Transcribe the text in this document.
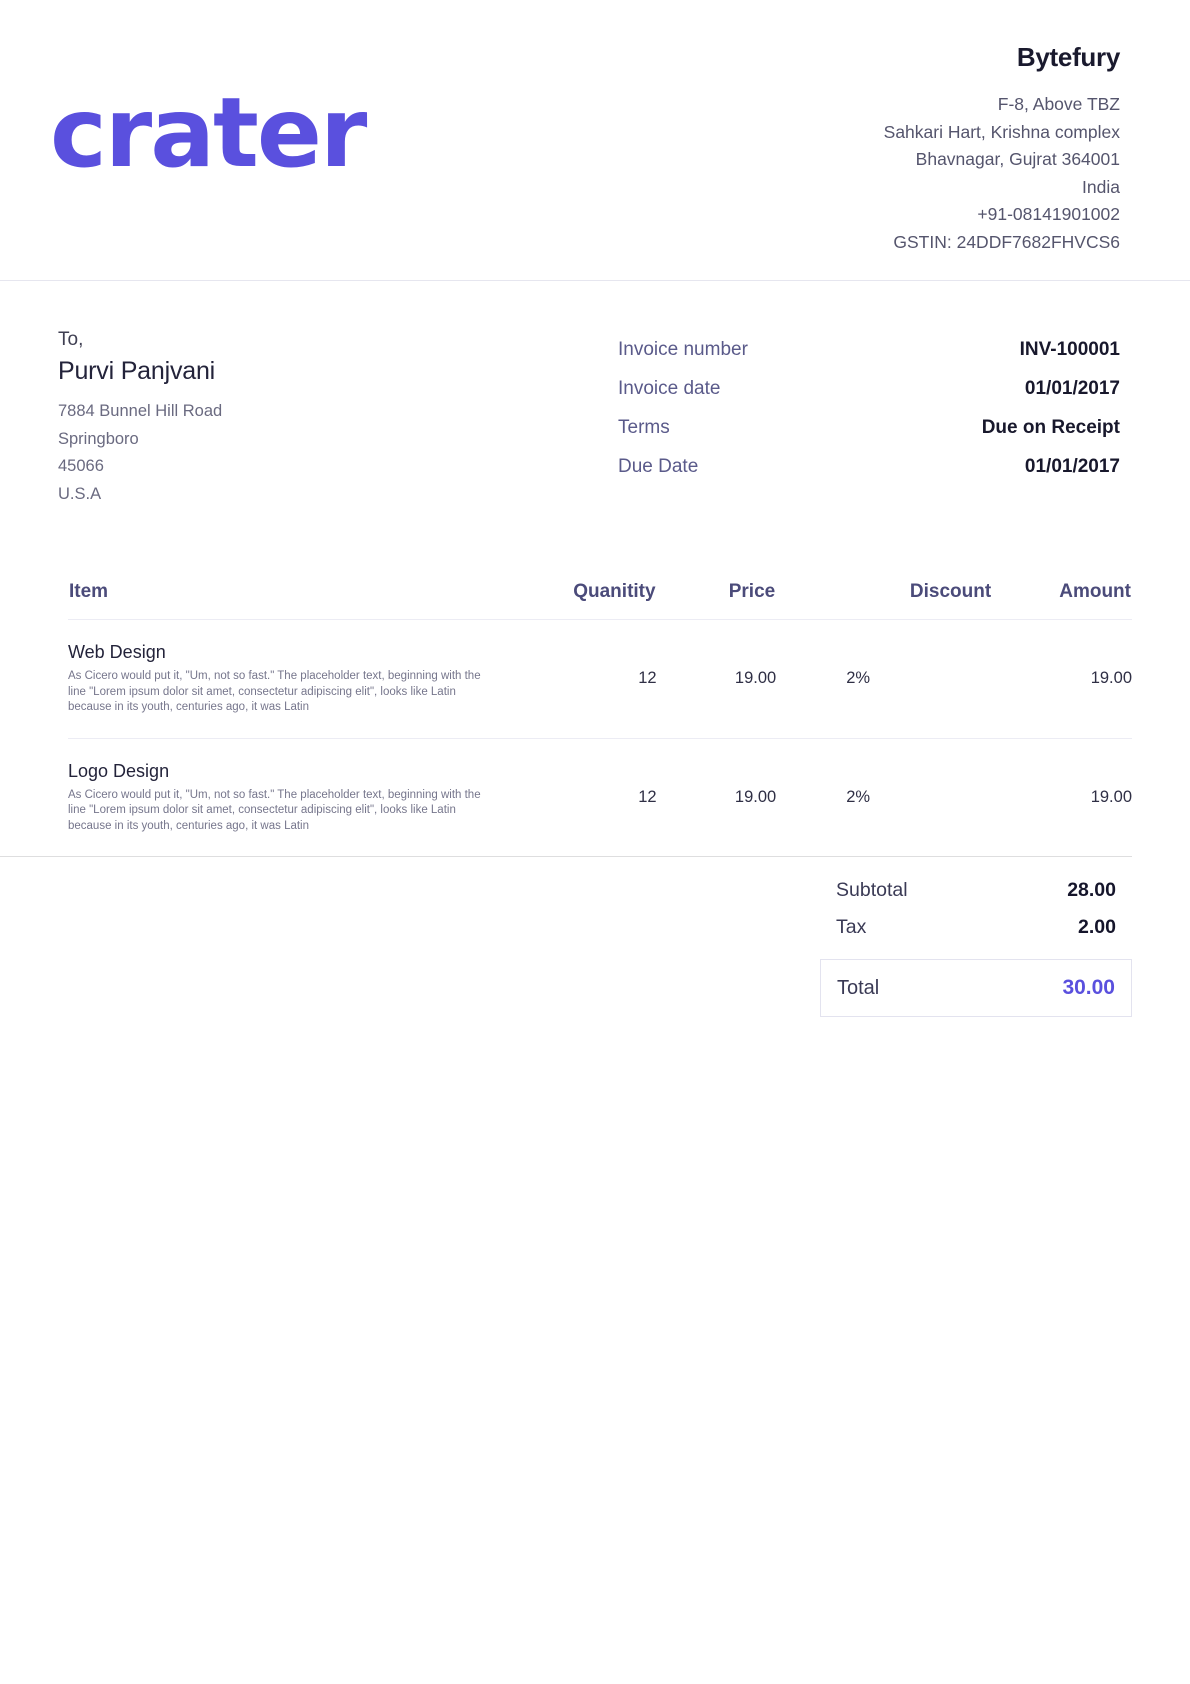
crater
Bytefury
F-8, Above TBZ
Sahkari Hart, Krishna complex
Bhavnagar, Gujrat 364001
India
+91-08141901002
GSTIN: 24DDF7682FHVCS6
To,
Purvi Panjvani
7884 Bunnel Hill Road
Springboro
45066
U.S.A
Invoice number	INV-100001
Invoice date	01/01/2017
Terms	Due on Receipt
Due Date	01/01/2017
Item	Quanitity	Price	Discount	Amount

Web Design
As Cicero would put it, "Um, not so fast." The placeholder text, beginning with the line "Lorem ipsum dolor sit amet, consectetur adipiscing elit", looks like Latin because in its youth, centuries ago, it was Latin	12	19.00	2%	19.00

Logo Design
As Cicero would put it, "Um, not so fast." The placeholder text, beginning with the line "Lorem ipsum dolor sit amet, consectetur adipiscing elit", looks like Latin because in its youth, centuries ago, it was Latin	12	19.00	2%	19.00
Subtotal	28.00
Tax	2.00
Total	30.00
